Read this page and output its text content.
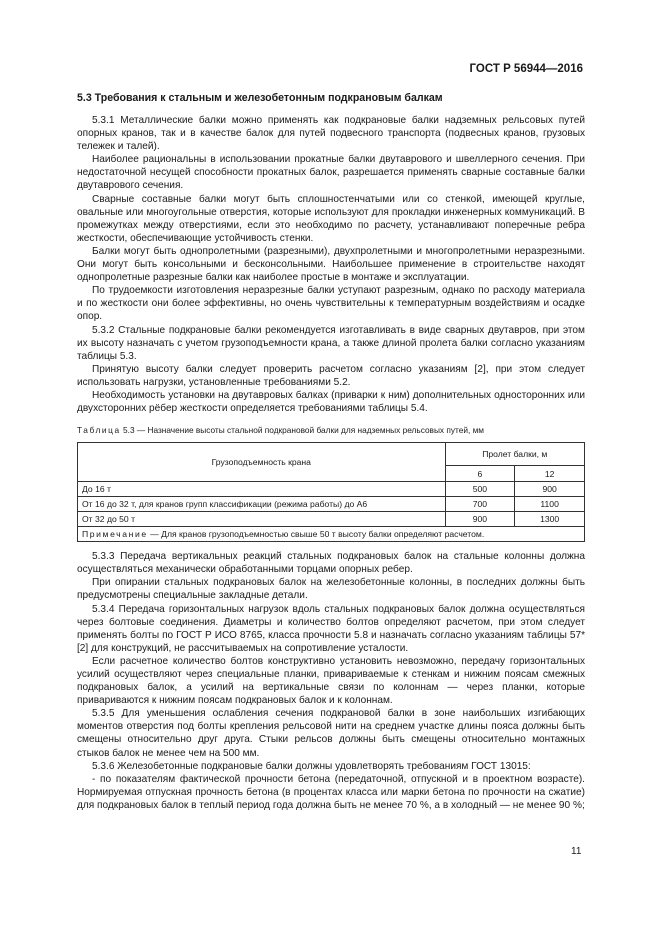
ГОСТ Р 56944—2016
5.3 Требования к стальным и железобетонным подкрановым балкам

5.3.1 Металлические балки можно применять как подкрановые балки надземных рельсовых путей опорных кранов, так и в качестве балок для путей подвесного транспорта (подвесных кранов, грузовых тележек и талей).

Наиболее рациональны в использовании прокатные балки двутаврового и швеллерного сечения. При недостаточной несущей способности прокатных балок, разрешается применять сварные составные балки двутаврового сечения.

Сварные составные балки могут быть сплошностенчатыми или со стенкой, имеющей круглые, овальные или многоугольные отверстия, которые используют для прокладки инженерных коммуникаций. В промежутках между отверстиями, если это необходимо по расчету, устанавливают поперечные ребра жесткости, обеспечивающие устойчивость стенки.

Балки могут быть однопролетными (разрезными), двухпролетными и многопролетными неразрезными. Они могут быть консольными и бесконсольными. Наибольшее применение в строительстве находят однопролетные разрезные балки как наиболее простые в монтаже и эксплуатации.

По трудоемкости изготовления неразрезные балки уступают разрезным, однако по расходу материала и по жесткости они более эффективны, но очень чувствительны к температурным воздействиям и осадке опор.

5.3.2 Стальные подкрановые балки рекомендуется изготавливать в виде сварных двутавров, при этом их высоту назначать с учетом грузоподъемности крана, а также длиной пролета балки согласно указаниям таблицы 5.3.

Принятую высоту балки следует проверить расчетом согласно указаниям [2], при этом следует использовать нагрузки, установленные требованиями 5.2.

Необходимость установки на двутавровых балках (приварки к ним) дополнительных односторонних или двухсторонних рёбер жесткости определяется требованиями таблицы 5.4.

Таблица 5.3 — Назначение высоты стальной подкрановой балки для надземных рельсовых путей, мм

Грузоподъемность крана	Пролет балки, м	
	6	12
До 16 т	500	900
От 16 до 32 т, для кранов групп классификации (режима работы) до А6	700	1100
От 32 до 50 т	900	1300
Примечание — Для кранов грузоподъемностью свыше 50 т высоту балки определяют расчетом.		

5.3.3 Передача вертикальных реакций стальных подкрановых балок на стальные колонны должна осуществляться механически обработанными торцами опорных ребер.

При опирании стальных подкрановых балок на железобетонные колонны, в последних должны быть предусмотрены специальные закладные детали.

5.3.4 Передача горизонтальных нагрузок вдоль стальных подкрановых балок должна осуществляться через болтовые соединения. Диаметры и количество болтов определяют расчетом, при этом следует применять болты по ГОСТ Р ИСО 8765, класса прочности 5.8 и назначать согласно указаниям таблицы 57* [2] для конструкций, не рассчитываемых на сопротивление усталости.

Если расчетное количество болтов конструктивно установить невозможно, передачу горизонтальных усилий осуществляют через специальные планки, привариваемые к стенкам и нижним поясам смежных подкрановых балок, а усилий на вертикальные связи по колоннам — через планки, которые привариваются к нижним поясам подкрановых балок и к колоннам.

5.3.5 Для уменьшения ослабления сечения подкрановой балки в зоне наибольших изгибающих моментов отверстия под болты крепления рельсовой нити на среднем участке длины пояса должны быть смещены относительно друг друга. Стыки рельсов должны быть смещены относительно монтажных стыков балок не менее чем на 500 мм.

5.3.6 Железобетонные подкрановые балки должны удовлетворять требованиям ГОСТ 13015:

- по показателям фактической прочности бетона (передаточной, отпускной и в проектном возрасте). Нормируемая отпускная прочность бетона (в процентах класса или марки бетона по прочности на сжатие) для подкрановых балок в теплый период года должна быть не менее 70 %, а в холодный — не менее 90 %;

11
